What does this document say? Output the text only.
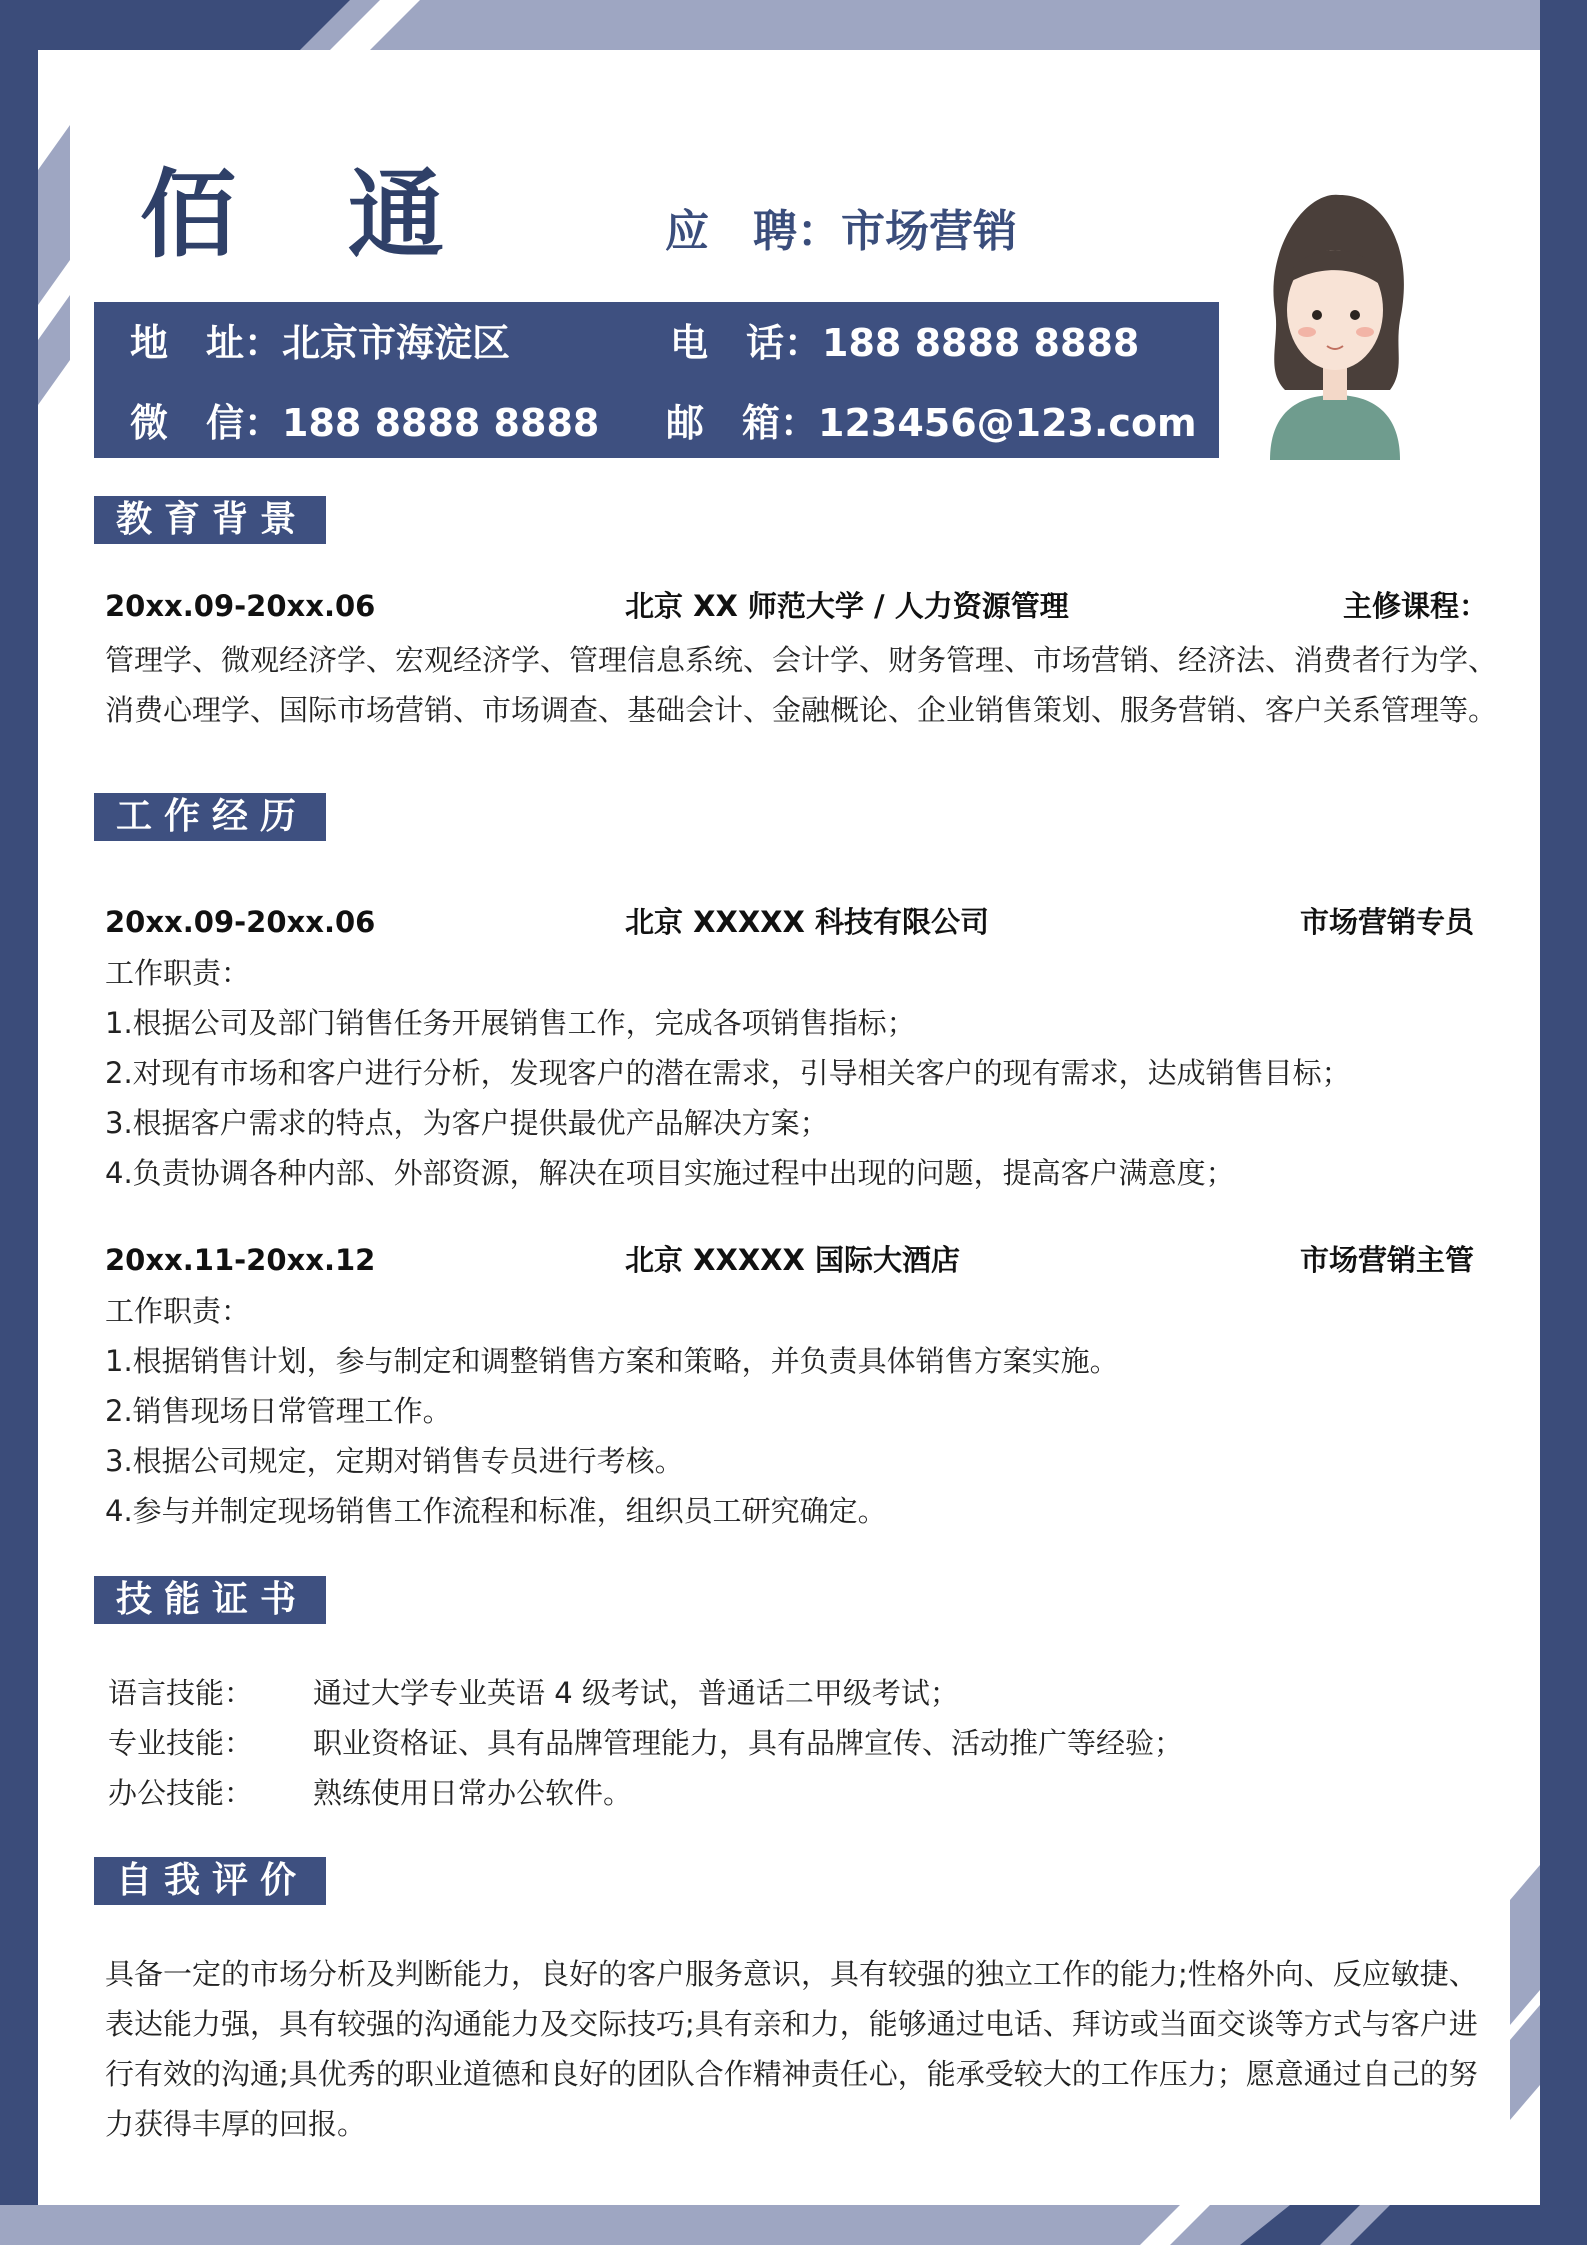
佰通 应　聘：市场营销
地　址：北京市海淀区	电　话：188 8888 8888
微　信：188 8888 8888 邮　箱：123456@123.com
教育背景
20xx.09-20xx.06	北京 XX 师范大学 / 人力资源管理	主修课程：
管理学、微观经济学、宏观经济学、管理信息系统、会计学、财务管理、市场营销、经济法、消费者行为学、
消费心理学、国际市场营销、市场调查、基础会计、金融概论、企业销售策划、服务营销、客户关系管理等。
工作经历
20xx.09-20xx.06	北京 XXXXX 科技有限公司	市场营销专员
工作职责：
1.根据公司及部门销售任务开展销售工作，完成各项销售指标；
2.对现有市场和客户进行分析，发现客户的潜在需求，引导相关客户的现有需求，达成销售目标；
3.根据客户需求的特点，为客户提供最优产品解决方案；
4.负责协调各种内部、外部资源，解决在项目实施过程中出现的问题，提高客户满意度；
20xx.11-20xx.12	北京 XXXXX 国际大酒店	市场营销主管
工作职责：
1.根据销售计划，参与制定和调整销售方案和策略，并负责具体销售方案实施。
2.销售现场日常管理工作。
3.根据公司规定，定期对销售专员进行考核。
4.参与并制定现场销售工作流程和标准，组织员工研究确定。
技能证书
语言技能： 通过大学专业英语 4 级考试，普通话二甲级考试；
专业技能： 职业资格证、具有品牌管理能力，具有品牌宣传、活动推广等经验；
办公技能： 熟练使用日常办公软件。
自我评价
具备一定的市场分析及判断能力，良好的客户服务意识，具有较强的独立工作的能力;性格外向、反应敏捷、
表达能力强，具有较强的沟通能力及交际技巧;具有亲和力，能够通过电话、拜访或当面交谈等方式与客户进
行有效的沟通;具优秀的职业道德和良好的团队合作精神责任心，能承受较大的工作压力；愿意通过自己的努
力获得丰厚的回报。
